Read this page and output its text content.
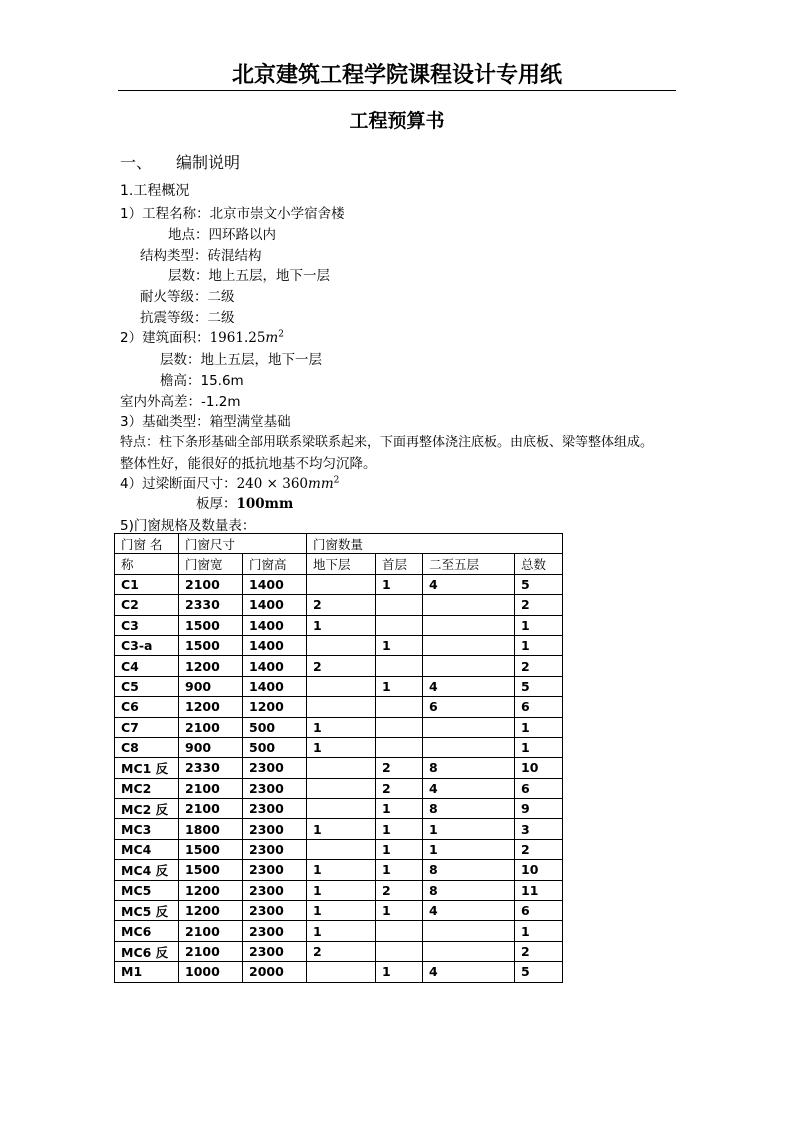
北京建筑工程学院课程设计专用纸
工程预算书
一、 编制说明
1.工程概况
1）工程名称：北京市崇文小学宿舍楼
地点：四环路以内
结构类型：砖混结构
层数：地上五层，地下一层
耐火等级：二级
抗震等级：二级
2）建筑面积：$1961.25m^2$
层数：地上五层，地下一层
檐高：15.6m
室内外高差：-1.2m
3）基础类型：箱型满堂基础
特点：柱下条形基础全部用联系梁联系起来，下面再整体浇注底板。由底板、梁等整体组成。
整体性好，能很好的抵抗地基不均匀沉降。
4）过梁断面尺寸：$240 \times 360mm^2$
板厚：100mm
5)门窗规格及数量表：
门窗 名	门窗尺寸		门窗数量			
称	门窗宽	门窗高	地下层	首层	二至五层	总数
C1	2100	1400		1	4	5
C2	2330	1400	2			2
C3	1500	1400	1			1
C3-a	1500	1400		1		1
C4	1200	1400	2			2
C5	900	1400		1	4	5
C6	1200	1200			6	6
C7	2100	500	1			1
C8	900	500	1			1
MC1 反	2330	2300		2	8	10
MC2	2100	2300		2	4	6
MC2 反	2100	2300		1	8	9
MC3	1800	2300	1	1	1	3
MC4	1500	2300		1	1	2
MC4 反	1500	2300	1	1	8	10
MC5	1200	2300	1	2	8	11
MC5 反	1200	2300	1	1	4	6
MC6	2100	2300	1			1
MC6 反	2100	2300	2			2
M1	1000	2000		1	4	5
